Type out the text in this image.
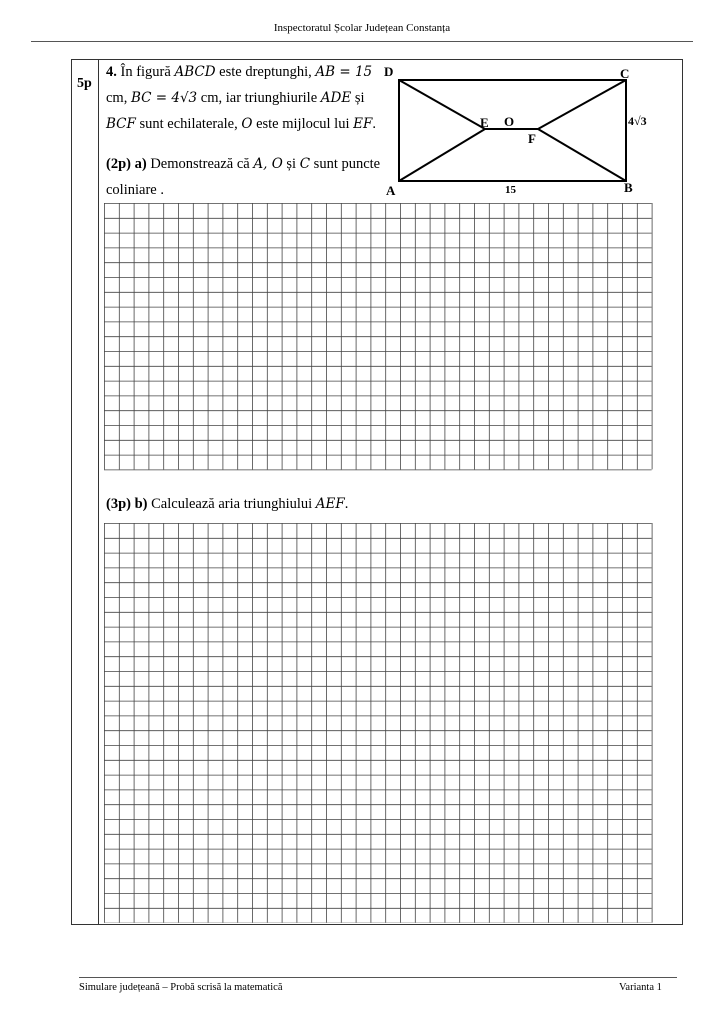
Inspectoratul Școlar Județean Constanța
5p
4. În figură ABCD este dreptunghi, AB = 15
cm, BC = 4√3 cm, iar triunghiurile ADE și
BCF sunt echilaterale, O este mijlocul lui EF.
(2p) a) Demonstrează că A, O și C sunt puncte
coliniare .
D	C
A	B
E O
F
15
4√3
(3p) b) Calculează aria triunghiului AEF.
Simulare județeană – Probă scrisă la matematică	Varianta 1
